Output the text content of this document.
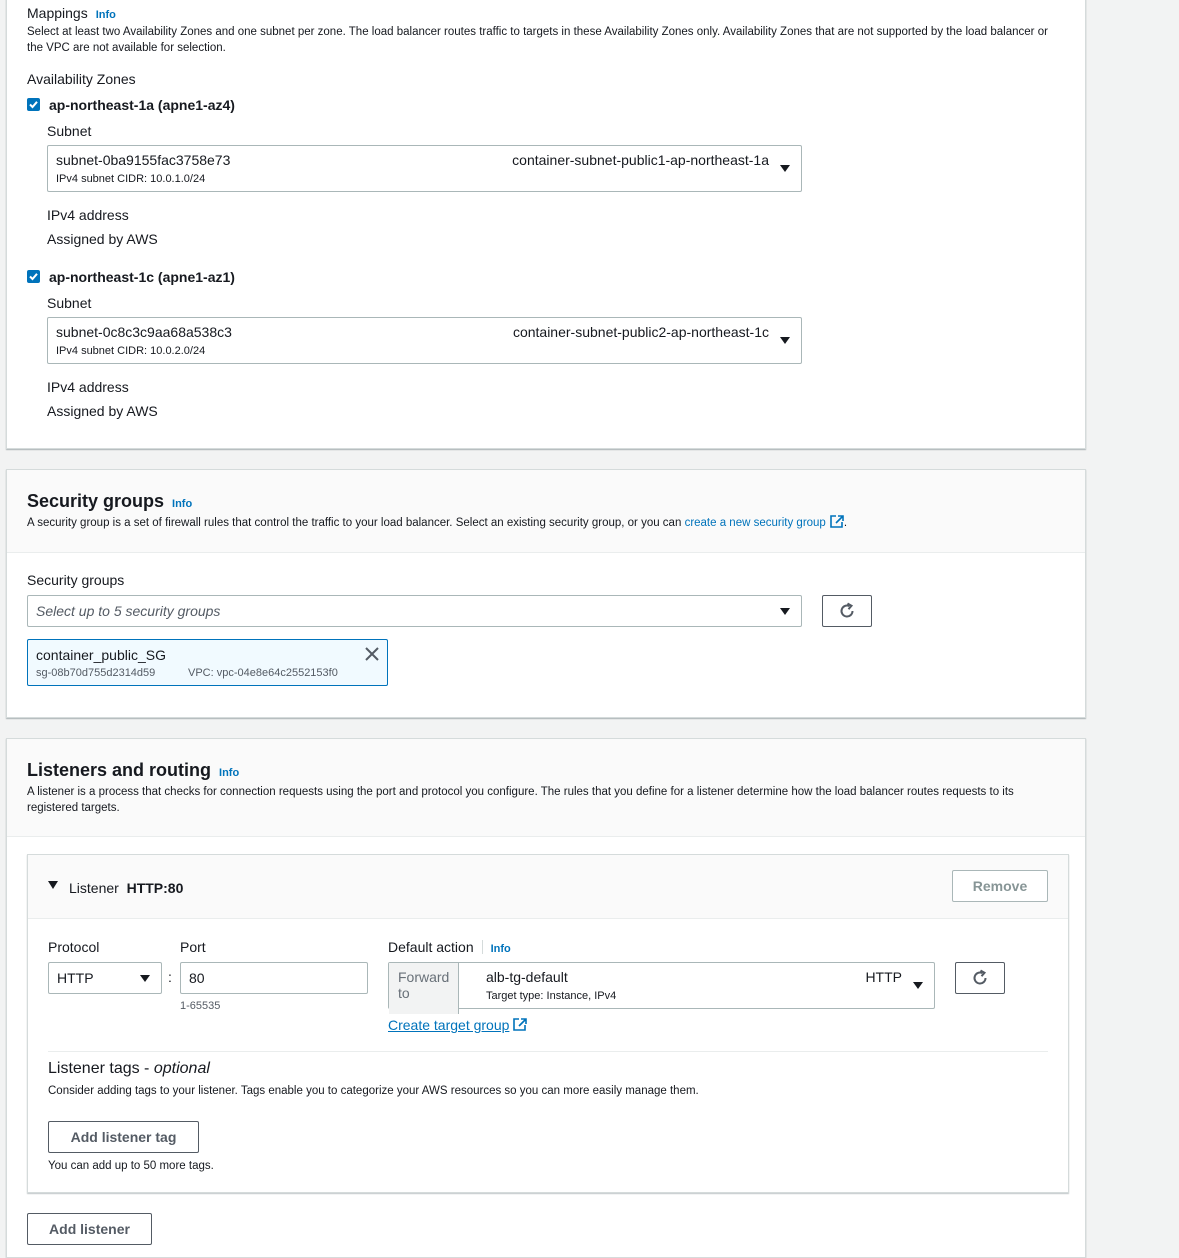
Mappings Info
Select at least two Availability Zones and one subnet per zone. The load balancer routes traffic to targets in these Availability Zones only. Availability Zones that are not supported by the load balancer or the VPC are not available for selection.
Availability Zones
ap-northeast-1a (apne1-az4)
Subnet
subnet-0ba9155fac3758e73	container-subnet-public1-ap-northeast-1a
IPv4 subnet CIDR: 10.0.1.0/24
IPv4 address
Assigned by AWS
ap-northeast-1c (apne1-az1)
Subnet
subnet-0c8c3c9aa68a538c3	container-subnet-public2-ap-northeast-1c
IPv4 subnet CIDR: 10.0.2.0/24
IPv4 address
Assigned by AWS
Security groups Info
A security group is a set of firewall rules that control the traffic to your load balancer. Select an existing security group, or you can create a new security group .
Security groups
Select up to 5 security groups
container_public_SG
sg-08b70d755d2314d59	VPC: vpc-04e8e64c2552153f0
Listeners and routing Info
A listener is a process that checks for connection requests using the port and protocol you configure. The rules that you define for a listener determine how the load balancer routes requests to its registered targets.
Listener HTTP:80	Remove
Protocol
HTTP	:
Port
80
1-65535
Default action Info
Forward to
alb-tg-default
Target type: Instance, IPv4
HTTP
Create target group
Listener tags - optional
Consider adding tags to your listener. Tags enable you to categorize your AWS resources so you can more easily manage them.
Add listener tag
You can add up to 50 more tags.
Add listener
